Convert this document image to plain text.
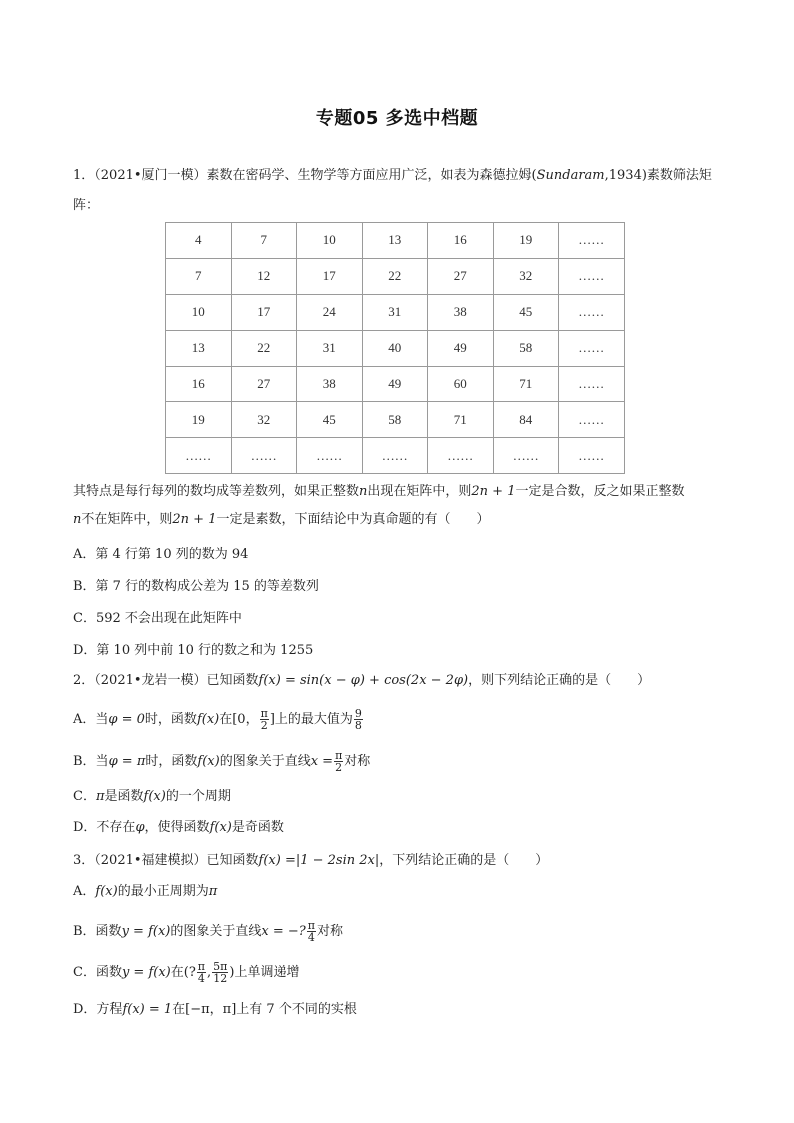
专题05 多选中档题
1．（2021•厦门一模）素数在密码学、生物学等方面应用广泛，如表为森德拉姆(Sundaram,1934)素数筛法矩
阵：
4	7	10	13	16	19	……
7	12	17	22	27	32	……
10	17	24	31	38	45	……
13	22	31	40	49	58	……
16	27	38	49	60	71	……
19	32	45	58	71	84	……
……	……	……	……	……	……	……
其特点是每行每列的数均成等差数列，如果正整数n出现在矩阵中，则2n + 1一定是合数，反之如果正整数
n不在矩阵中，则2n + 1一定是素数，下面结论中为真命题的有（　　）
A．第 4 行第 10 列的数为 94
B．第 7 行的数构成公差为 15 的等差数列
C．592 不会出现在此矩阵中
D．第 10 列中前 10 行的数之和为 1255
2．（2021•龙岩一模）已知函数f(x) = sin(x − φ) + cos(2x − 2φ)，则下列结论正确的是（　　）
A．当φ = 0时，函数f(x)在[0， $\frac{\pi}{2}$ ]上的最大值为 $\frac{9}{8}$
B．当φ = π时，函数f(x)的图象关于直线$x = \frac{\pi}{2}$ 对称
C．π是函数f(x)的一个周期
D．不存在φ，使得函数f(x)是奇函数
3．（2021•福建模拟）已知函数f(x) =|1 − 2sin 2x|，下列结论正确的是（　　）
A．f(x)的最小正周期为π
B．函数y = f(x)的图象关于直线x = −? $\frac{\pi}{4}$ 对称
C．函数y = f(x)在(? $\frac{\pi}{4}$ , $\frac{5\pi}{12}$ )上单调递增
D．方程f(x) = 1在[−π，π]上有 7 个不同的实根
